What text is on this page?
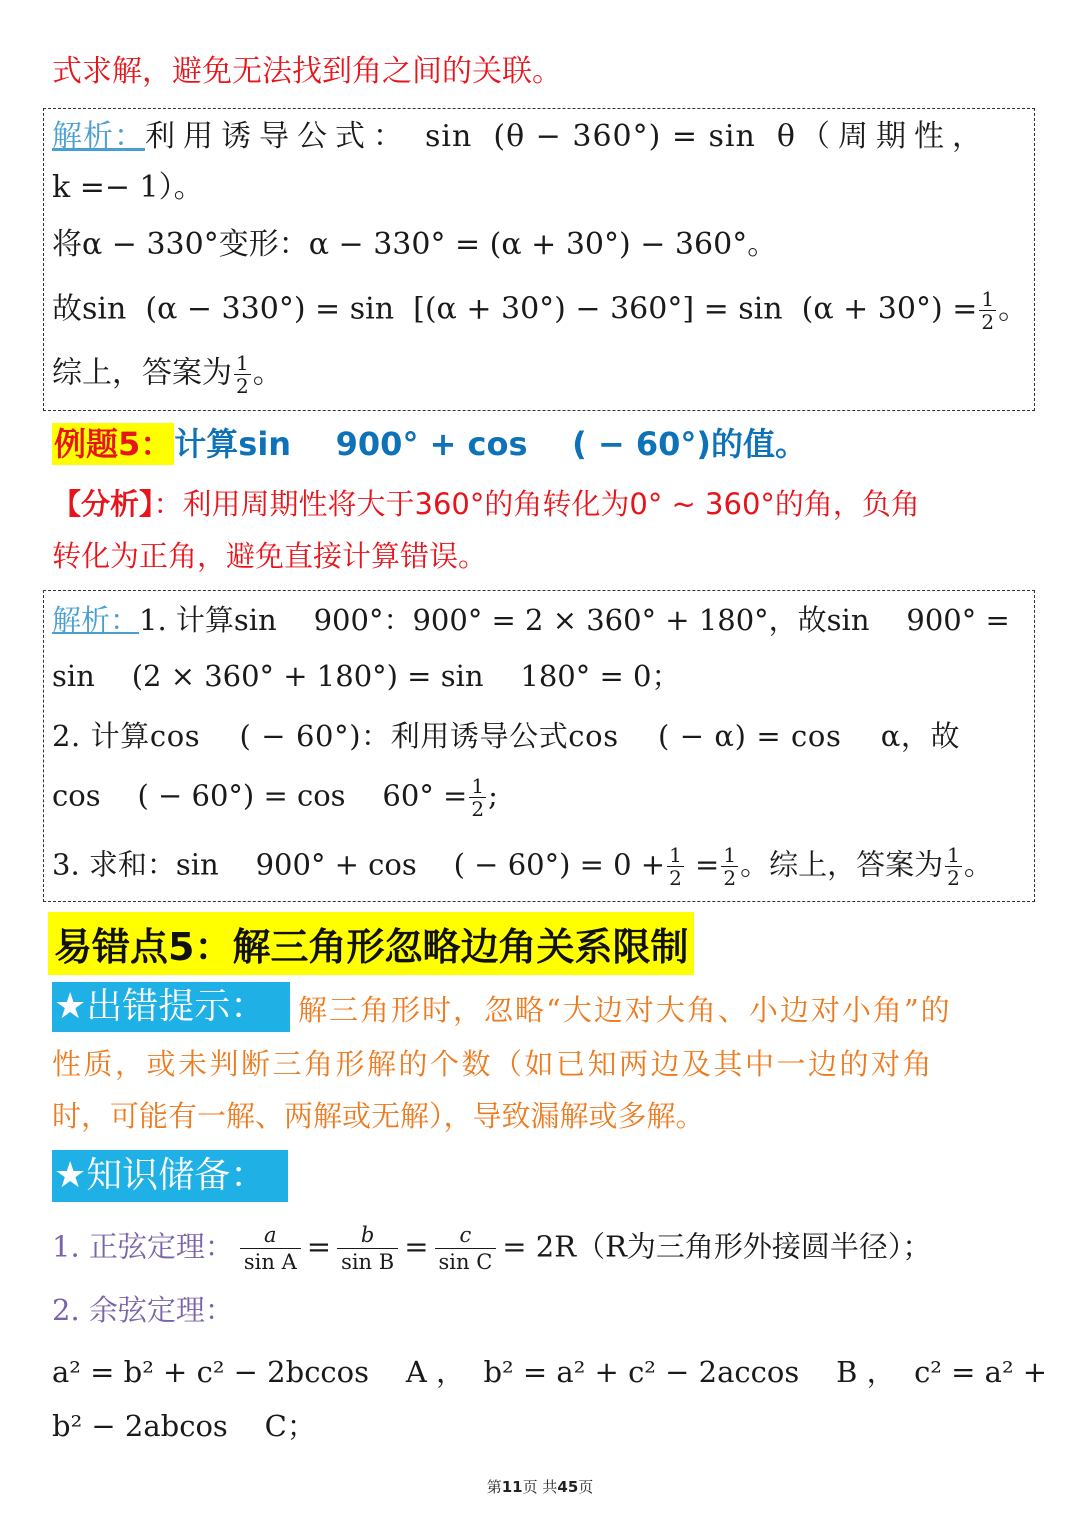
式求解，避免无法找到角之间的关联。
解析：利用诱导公式： sin  (θ − 360°) = sin  θ （周期性，
k =− 1）。
将α − 330°变形：α − 330° = (α + 30°) − 360°。
故$\sin (\alpha - 330^\circ) = \sin [(\alpha + 30^\circ) - 360^\circ] = \sin (\alpha + 30^\circ) = \frac{1}{2}$ 。
综上，答案为 $\frac{1}{2}$ 。
例题5：计算sin    900° + cos    ( − 60°)的值。
【分析】：利用周期性将大于360°的角转化为0° ~ 360°的角，负角
转化为正角，避免直接计算错误。
解析：1. 计算sin    900°：900° = 2 × 360° + 180°，故sin    900° =
sin    (2 × 360° + 180°) = sin    180° = 0；
2. 计算cos    ( − 60°)：利用诱导公式cos    ( − α) = cos    α，故
cos    ( − 60°) = cos    $60^\circ = \frac{1}{2}$ ;
3. 求和：sin    900° + cos    ( − $60^\circ) = 0 + \frac{1}{2} = \frac{1}{2}$ 。综上，答案为 $\frac{1}{2}$ 。
易错点5：解三角形忽略边角关系限制
★出错提示：	解三角形时，忽略“大边对大角、小边对小角”的
性质，或未判断三角形解的个数（如已知两边及其中一边的对角
时，可能有一解、两解或无解），导致漏解或多解。
★知识储备：
1. 正弦定理： $\frac{a}{\text{sin A}} = \frac{b}{\text{sin B}} = \frac{c}{\text{sin C}} = 2R(R$为三角形外接圆半径）；
2. 余弦定理：
a² = b² + c² − 2bccos    A ，  b² = a² + c² − 2accos    B ，  c² = a² +
b² − 2abcos    C；
第11页 共45页
